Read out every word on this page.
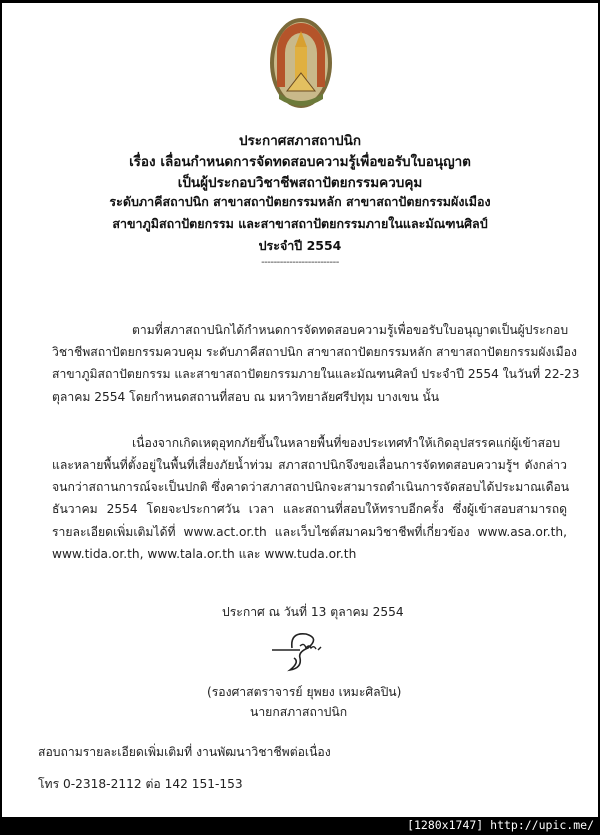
ประกาศสภาสถาปนิก
เรื่อง เลื่อนกำหนดการจัดทดสอบความรู้เพื่อขอรับใบอนุญาต
เป็นผู้ประกอบวิชาชีพสถาปัตยกรรมควบคุม
ระดับภาคีสถาปนิก สาขาสถาปัตยกรรมหลัก สาขาสถาปัตยกรรมผังเมือง
สาขาภูมิสถาปัตยกรรม และสาขาสถาปัตยกรรมภายในและมัณฑนศิลป์
ประจำปี 2554
-------------------------
ตามที่สภาสถาปนิกได้กำหนดการจัดทดสอบความรู้เพื่อขอรับใบอนุญาตเป็นผู้ประกอบ
วิชาชีพสถาปัตยกรรมควบคุม ระดับภาคีสถาปนิก สาขาสถาปัตยกรรมหลัก สาขาสถาปัตยกรรมผังเมือง
สาขาภูมิสถาปัตยกรรม และสาขาสถาปัตยกรรมภายในและมัณฑนศิลป์ ประจำปี 2554 ในวันที่ 22-23
ตุลาคม 2554 โดยกำหนดสถานที่สอบ ณ มหาวิทยาลัยศรีปทุม บางเขน นั้น
เนื่องจากเกิดเหตุอุทกภัยขึ้นในหลายพื้นที่ของประเทศทำให้เกิดอุปสรรคแก่ผู้เข้าสอบ
และหลายพื้นที่ตั้งอยู่ในพื้นที่เสี่ยงภัยน้ำท่วม สภาสถาปนิกจึงขอเลื่อนการจัดทดสอบความรู้ฯ ดังกล่าว
จนกว่าสถานการณ์จะเป็นปกติ ซึ่งคาดว่าสภาสถาปนิกจะสามารถดำเนินการจัดสอบได้ประมาณเดือน
ธันวาคม 2554 โดยจะประกาศวัน เวลา และสถานที่สอบให้ทราบอีกครั้ง ซึ่งผู้เข้าสอบสามารถดู
รายละเอียดเพิ่มเติมได้ที่ www.act.or.th และเว็บไซต์สมาคมวิชาชีพที่เกี่ยวข้อง www.asa.or.th,
www.tida.or.th, www.tala.or.th และ www.tuda.or.th
ประกาศ ณ วันที่ 13 ตุลาคม 2554
(รองศาสตราจารย์ ยุพยง เหมะศิลปิน)
นายกสภาสถาปนิก
สอบถามรายละเอียดเพิ่มเติมที่ งานพัฒนาวิชาชีพต่อเนื่อง
โทร 0-2318-2112 ต่อ 142 151-153
[1280x1747] http://upic.me/
